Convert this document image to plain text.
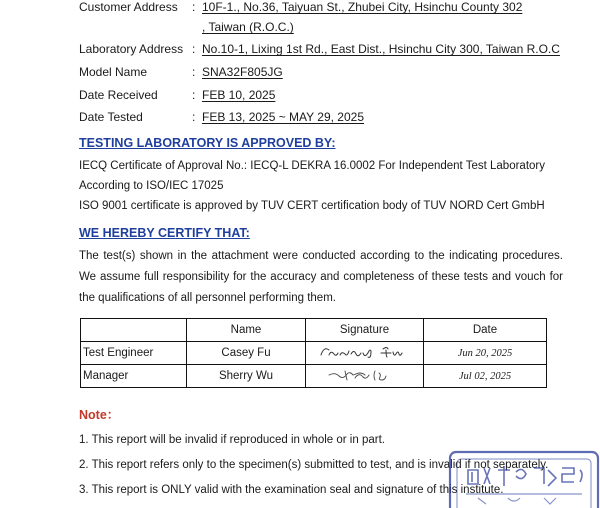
Customer Address : 10F-1., No.36, Taiyuan St., Zhubei City, Hsinchu County 302
, Taiwan (R.O.C.)
Laboratory Address : No.10-1, Lixing 1st Rd., East Dist., Hsinchu City 300, Taiwan R.O.C
Model Name	: SNA32F805JG
Date Received	: FEB 10, 2025
Date Tested	: FEB 13, 2025 ~ MAY 29, 2025
TESTING LABORATORY IS APPROVED BY:
IECQ Certificate of Approval No.: IECQ-L DEKRA 16.0002 For Independent Test Laboratory
According to ISO/IEC 17025
ISO 9001 certificate is approved by TUV CERT certification body of TUV NORD Cert GmbH
WE HEREBY CERTIFY THAT:
The test(s) shown in the attachment were conducted according to the indicating procedures. We assume full responsibility for the accuracy and completeness of these tests and vouch for the qualifications of all personnel performing them.
	Name	Signature	Date
Test Engineer	Casey Fu		Jun 20, 2025
Manager	Sherry Wu		Jul 02, 2025
Note：
1. This report will be invalid if reproduced in whole or in part.
2. This report refers only to the specimen(s) submitted to test, and is invalid if not separately.
3. This report is ONLY valid with the examination seal and signature of this institute.
